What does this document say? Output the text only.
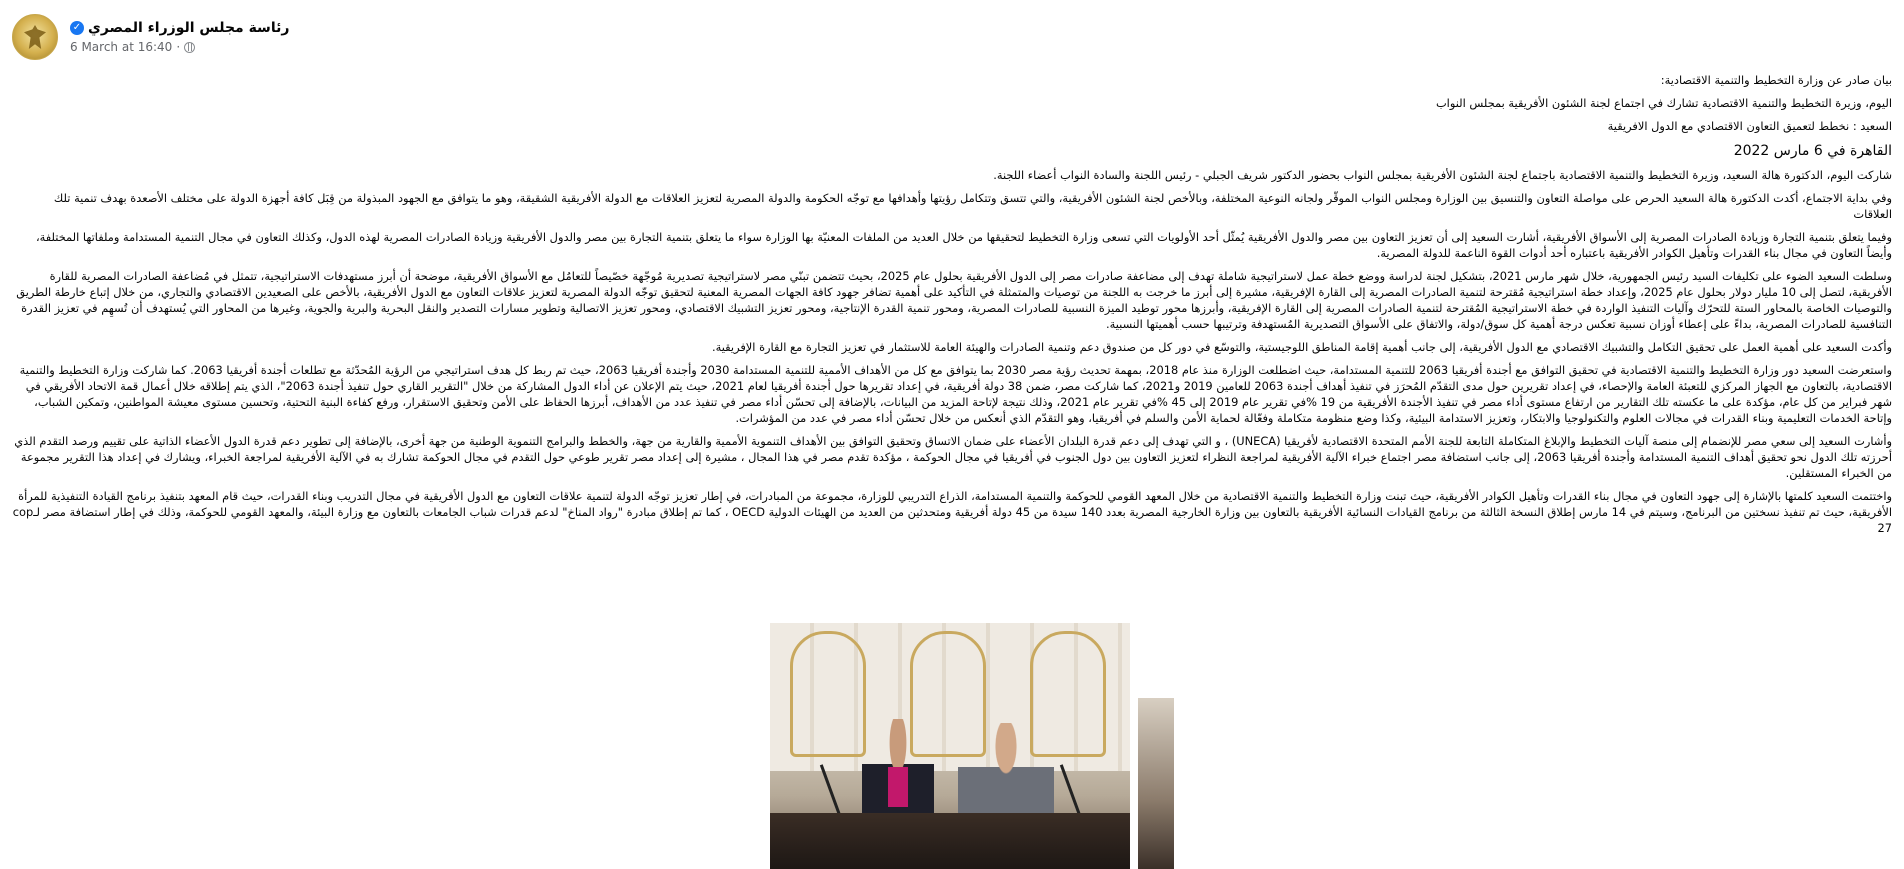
رئاسة مجلس الوزراء المصري
✓
6 March at 16:40 ·

بيان صادر عن وزارة التخطيط والتنمية الاقتصادية:

اليوم، وزيرة التخطيط والتنمية الاقتصادية تشارك في اجتماع لجنة الشئون الأفريقية بمجلس النواب

السعيد : نخطط لتعميق التعاون الاقتصادي مع الدول الافريقية

القاهرة في 6 مارس 2022

شاركت اليوم، الدكتورة هالة السعيد، وزيرة التخطيط والتنمية الاقتصادية باجتماع لجنة الشئون الأفريقية بمجلس النواب بحضور الدكتور شريف الجبلي - رئيس اللجنة والسادة النواب أعضاء اللجنة.

وفي بداية الاجتماع، أكدت الدكتورة هالة السعيد الحرص على مواصلة التعاون والتنسيق بين الوزارة ومجلس النواب الموقّر ولجانه النوعية المختلفة، وبالأخص لجنة الشئون الأفريقية، والتي تتسق وتتكامل رؤيتها وأهدافها مع توجّه الحكومة والدولة المصرية لتعزيز العلاقات مع الدولة الأفريقية الشقيقة، وهو ما يتوافق مع الجهود المبذولة من قِبَل كافة أجهزة الدولة على مختلف الأصعدة بهدف تنمية تلك العلاقات

وفيما يتعلق بتنمية التجارة وزيادة الصادرات المصرية إلى الأسواق الأفريقية، أشارت السعيد إلى أن تعزيز التعاون بين مصر والدول الأفريقية يُمثّل أحد الأولويات التي تسعى وزارة التخطيط لتحقيقها من خلال العديد من الملفات المعنيّة بها الوزارة سواء ما يتعلق بتنمية التجارة بين مصر والدول الأفريقية وزيادة الصادرات المصرية لهذه الدول، وكذلك التعاون في مجال التنمية المستدامة وملفاتها المختلفة، وأيضاً التعاون في مجال بناء القدرات وتأهيل الكوادر الأفريقية باعتباره أحد أدوات القوة الناعمة للدولة المصرية.

وسلطت السعيد الضوء على تكليفات السيد رئيس الجمهورية، خلال شهر مارس 2021، بتشكيل لجنة لدراسة ووضع خطة عمل لاستراتيجية شاملة تهدف إلى مضاعفة صادرات مصر إلى الدول الأفريقية بحلول عام 2025، بحيث تتضمن تبنّي مصر لاستراتيجية تصديرية مُوجّهة خصّيصاً للتعامُل مع الأسواق الأفريقية، موضحة أن أبرز مستهدفات الاستراتيجية، تتمثل في مُضاعفة الصادرات المصرية للقارة الأفريقية، لتصل إلى 10 مليار دولار بحلول عام 2025، وإعداد خطة استراتيجية مُقترحة لتنمية الصادرات المصرية إلى القارة الإفريقية، مشيرة إلى أبرز ما خرجت به اللجنة من توصيات والمتمثلة في التأكيد على أهمية تضافر جهود كافة الجهات المصرية المعنية لتحقيق توجّه الدولة المصرية لتعزيز علاقات التعاون مع الدول الأفريقية، بالأخص على الصعيدين الاقتصادي والتجاري، من خلال إتباع خارطة الطريق والتوصيات الخاصة بالمحاور الستة للتحرّك وآليات التنفيذ الواردة في خطة الاستراتيجية المُقترحة لتنمية الصادرات المصرية إلى القارة الإفريقية، وأبرزها محور توطيد الميزة النسبية للصادرات المصرية، ومحور تنمية القدرة الإنتاجية، ومحور تعزيز التشبيك الاقتصادي، ومحور تعزيز الاتصالية وتطوير مسارات التصدير والنقل البحرية والبرية والجوية، وغيرها من المحاور التي يُستهدف أن تُسهِم في تعزيز القدرة التنافسية للصادرات المصرية، بداءً على إعطاء أوزان نسبية تعكس درجة أهمية كل سوق/دولة، والاتفاق على الأسواق التصديرية المُستهدفة وترتيبها حسب أهميتها النسبية.

وأكدت السعيد على أهمية العمل على تحقيق التكامل والتشبيك الاقتصادي مع الدول الأفريقية، إلى جانب أهمية إقامة المناطق اللوجيستية، والتوسّع في دور كل من صندوق دعم وتنمية الصادرات والهيئة العامة للاستثمار في تعزيز التجارة مع القارة الإفريقية.

واستعرضت السعيد دور وزارة التخطيط والتنمية الاقتصادية في تحقيق التوافق مع أجندة أفريقيا 2063 للتنمية المستدامة، حيث اضطلعت الوزارة منذ عام 2018، بمهمة تحديث رؤية مصر 2030 بما يتوافق مع كل من الأهداف الأممية للتنمية المستدامة 2030 وأجندة أفريقيا 2063، حيث تم ربط كل هدف استراتيجي من الرؤية المُحدّثة مع تطلعات أجندة أفريقيا 2063. كما شاركت وزارة التخطيط والتنمية الاقتصادية، بالتعاون مع الجهاز المركزي للتعبئة العامة والإحصاء، في إعداد تقريرين حول مدى التقدّم المُحرَز في تنفيذ أهداف أجندة 2063 للعامين 2019 و2021، كما شاركت مصر، ضمن 38 دولة أفريقية، في إعداد تقريرها حول أجندة أفريقيا لعام 2021، حيث يتم الإعلان عن أداء الدول المشاركة من خلال "التقرير القاري حول تنفيذ أجندة 2063"، الذي يتم إطلاقه خلال أعمال قمة الاتحاد الأفريقي في شهر فبراير من كل عام، مؤكدة على ما عكسته تلك التقارير من ارتفاع مستوى أداء مصر في تنفيذ الأجندة الأفريقية من 19 %في تقرير عام 2019 إلى 45 %في تقرير عام 2021، وذلك نتيجة لإتاحة المزيد من البيانات، بالإضافة إلى تحسّن أداء مصر في تنفيذ عدد من الأهداف، أبرزها الحفاظ على الأمن وتحقيق الاستقرار، ورفع كفاءة البنية التحتية، وتحسين مستوى معيشة المواطنين، وتمكين الشباب، وإتاحة الخدمات التعليمية وبناء القدرات في مجالات العلوم والتكنولوجيا والابتكار، وتعزيز الاستدامة البيئية، وكذا وضع منظومة متكاملة وفعّالة لحماية الأمن والسلم في أفريقيا، وهو التقدّم الذي أنعكس من خلال تحسّن أداء مصر في عدد من المؤشرات.

وأشارت السعيد إلى سعي مصر للإنضمام إلى منصة آليات التخطيط والإبلاغ المتكاملة التابعة للجنة الأمم المتحدة الاقتصادية لأفريقيا (UNECA) ، و التي تهدف إلى دعم قدرة البلدان الأعضاء على ضمان الاتساق وتحقيق التوافق بين الأهداف التنموية الأممية والقارية من جهة، والخطط والبرامج التنموية الوطنية من جهة أخرى، بالإضافة إلى تطوير دعم قدرة الدول الأعضاء الذاتية على تقييم ورصد التقدم الذي أحرزته تلك الدول نحو تحقيق أهداف التنمية المستدامة وأجندة أفريقيا 2063، إلى جانب استضافة مصر اجتماع خبراء الآلية الأفريقية لمراجعة النظراء لتعزيز التعاون بين دول الجنوب في أفريقيا في مجال الحوكمة ، مؤكدة تقدم مصر في هذا المجال ، مشيرة إلى إعداد مصر تقرير طوعي حول التقدم في مجال الحوكمة تشارك به في الآلية الأفريقية لمراجعة الخبراء، ويشارك في إعداد هذا التقرير مجموعة من الخبراء المستقلين.

واختتمت السعيد كلمتها بالإشارة إلى جهود التعاون في مجال بناء القدرات وتأهيل الكوادر الأفريقية، حيث تبنت وزارة التخطيط والتنمية الاقتصادية من خلال المعهد القومي للحوكمة والتنمية المستدامة، الذراع التدريبي للوزارة، مجموعة من المبادرات، في إطار تعزيز توجّه الدولة لتنمية علاقات التعاون مع الدول الأفريقية في مجال التدريب وبناء القدرات، حيث قام المعهد بتنفيذ برنامج القيادة التنفيذية للمرأة الأفريقية، حيث تم تنفيذ نسختين من البرنامج، وسيتم في 14 مارس إطلاق النسخة الثالثة من برنامج القيادات النسائية الأفريقية بالتعاون بين وزارة الخارجية المصرية بعدد 140 سيدة من 45 دولة أفريقية ومتحدثين من العديد من الهيئات الدولية OECD ، كما تم إطلاق مبادرة "رواد المناخ" لدعم قدرات شباب الجامعات بالتعاون مع وزارة البيئة، والمعهد القومي للحوكمة، وذلك في إطار استضافة مصر لـcop 27
